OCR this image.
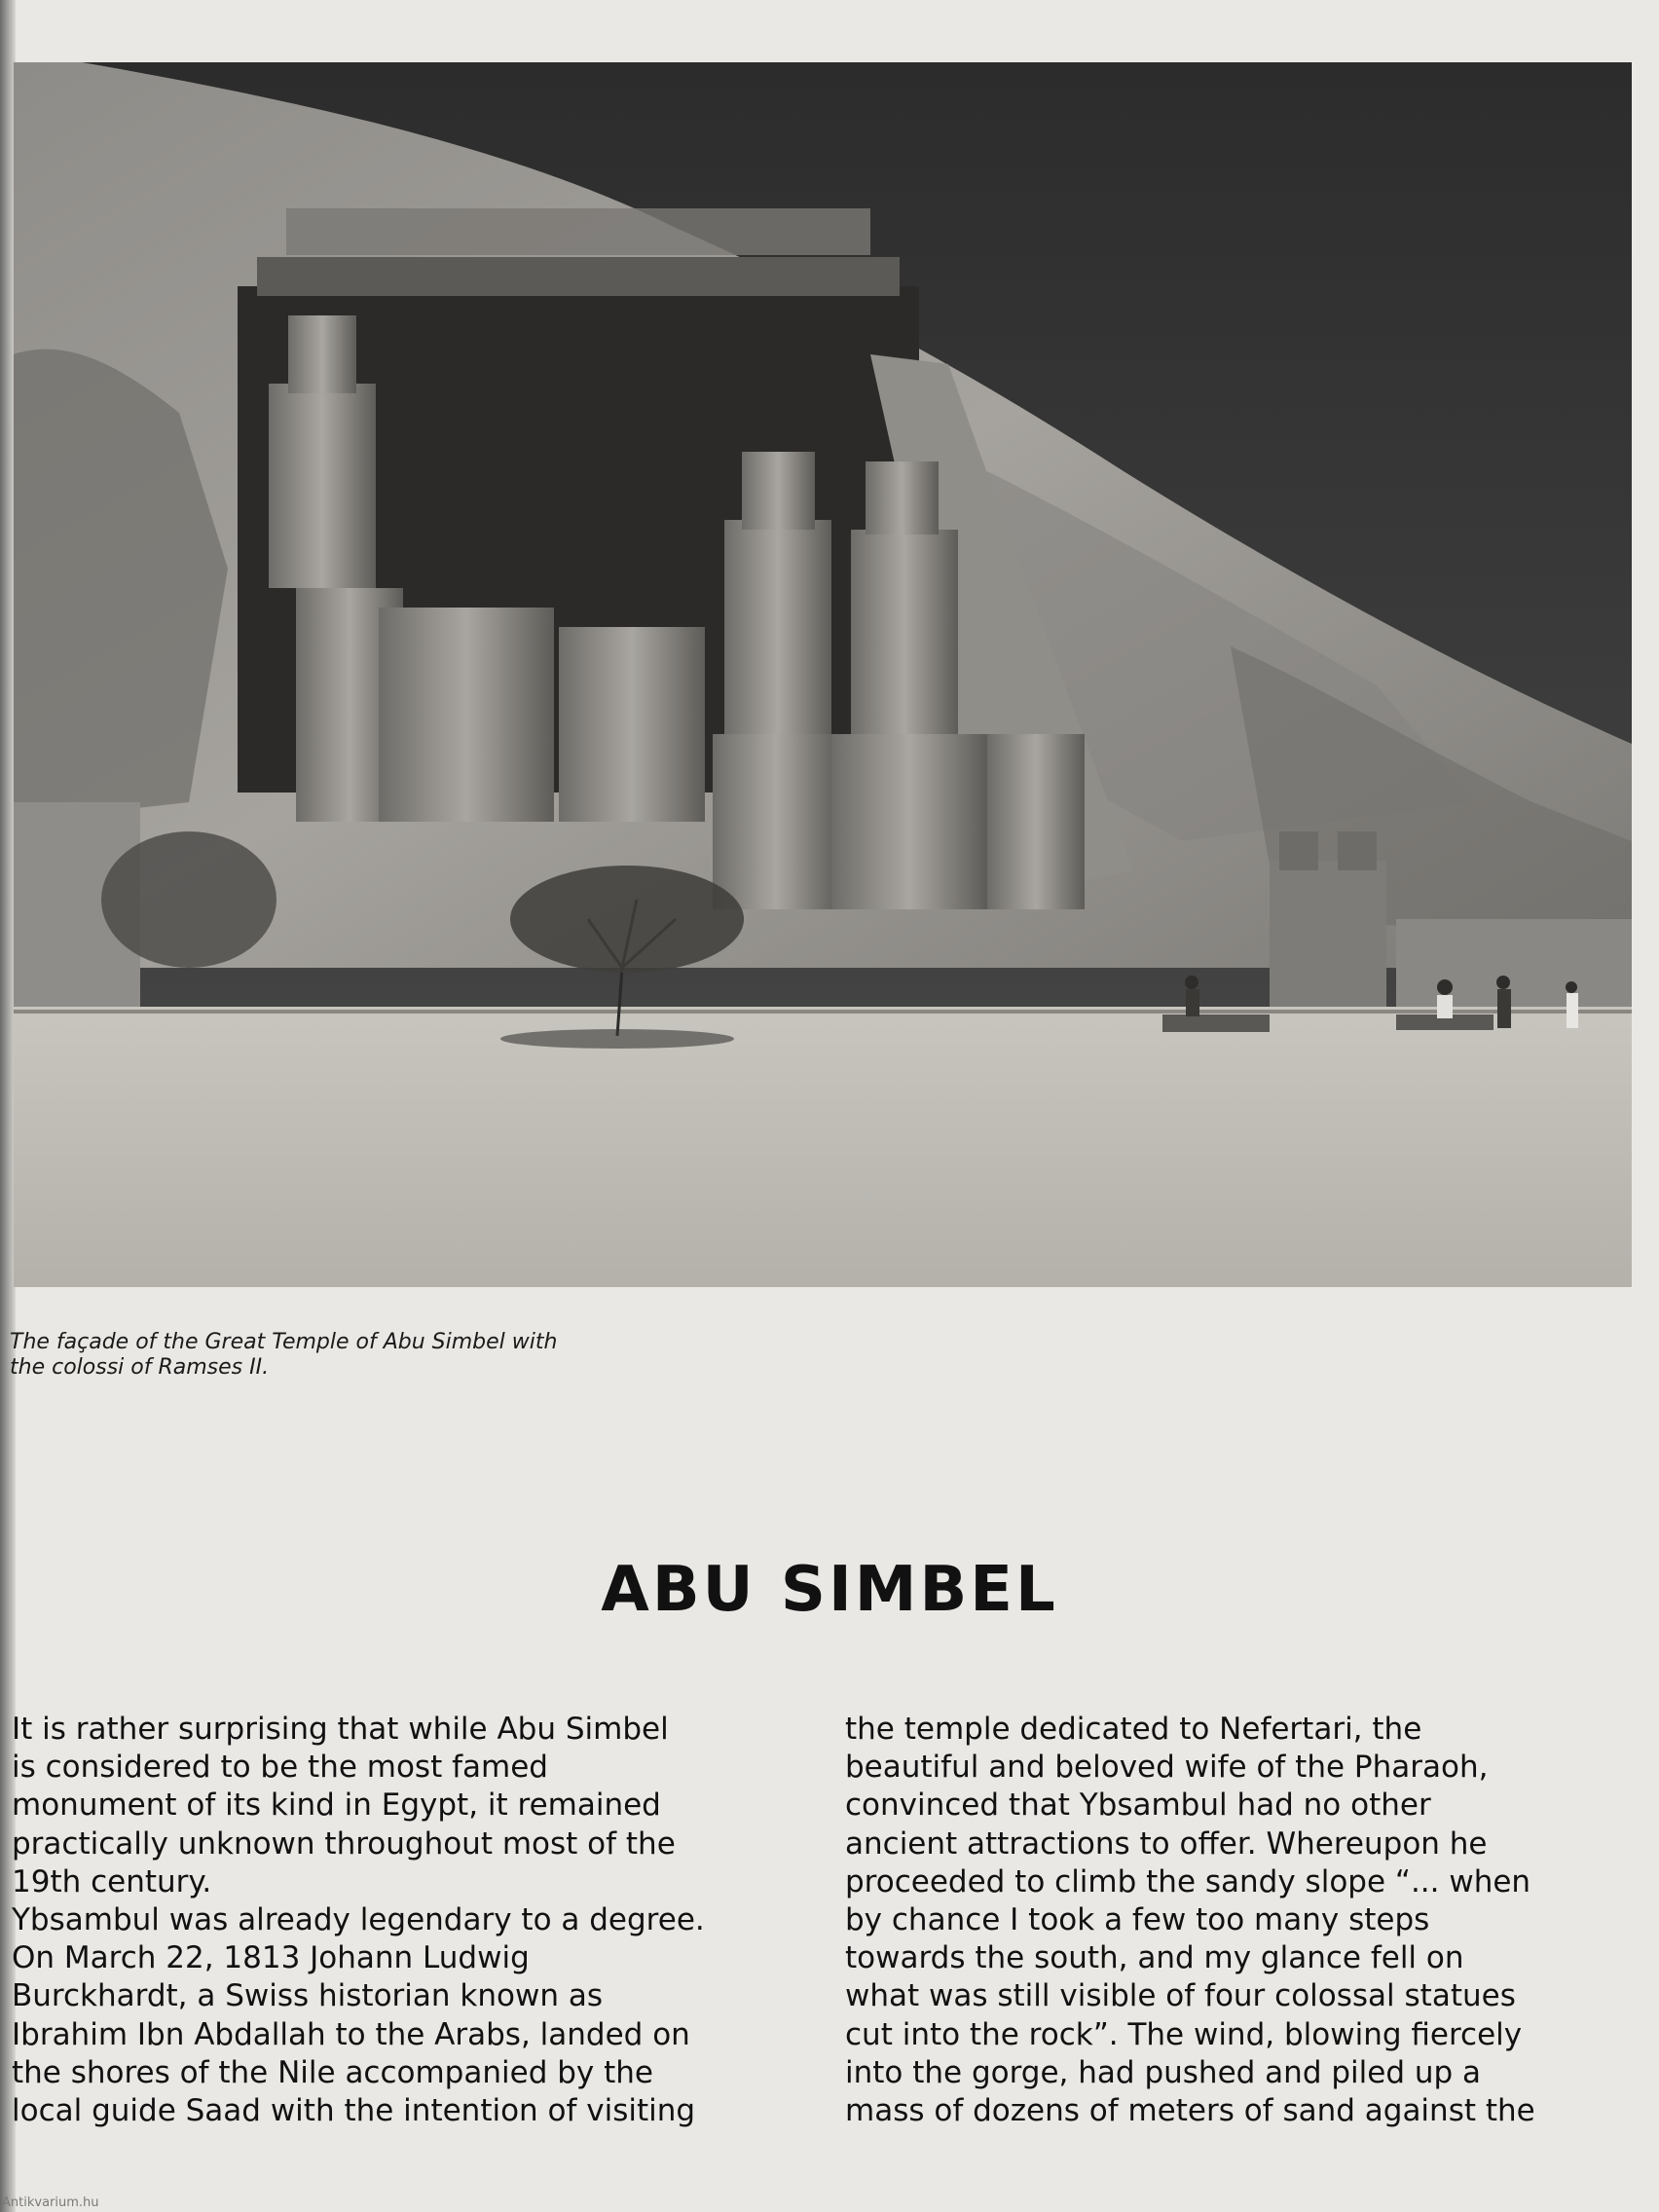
The façade of the Great Temple of Abu Simbel with
the colossi of Ramses II.
ABU SIMBEL
It is rather surprising that while Abu Simbel
is considered to be the most famed
monument of its kind in Egypt, it remained
practically unknown throughout most of the
19th century.
Ybsambul was already legendary to a degree.
On March 22, 1813 Johann Ludwig
Burckhardt, a Swiss historian known as
Ibrahim Ibn Abdallah to the Arabs, landed on
the shores of the Nile accompanied by the
local guide Saad with the intention of visiting
the temple dedicated to Nefertari, the
beautiful and beloved wife of the Pharaoh,
convinced that Ybsambul had no other
ancient attractions to offer. Whereupon he
proceeded to climb the sandy slope “... when
by chance I took a few too many steps
towards the south, and my glance fell on
what was still visible of four colossal statues
cut into the rock”. The wind, blowing fiercely
into the gorge, had pushed and piled up a
mass of dozens of meters of sand against the
Antikvarium.hu
